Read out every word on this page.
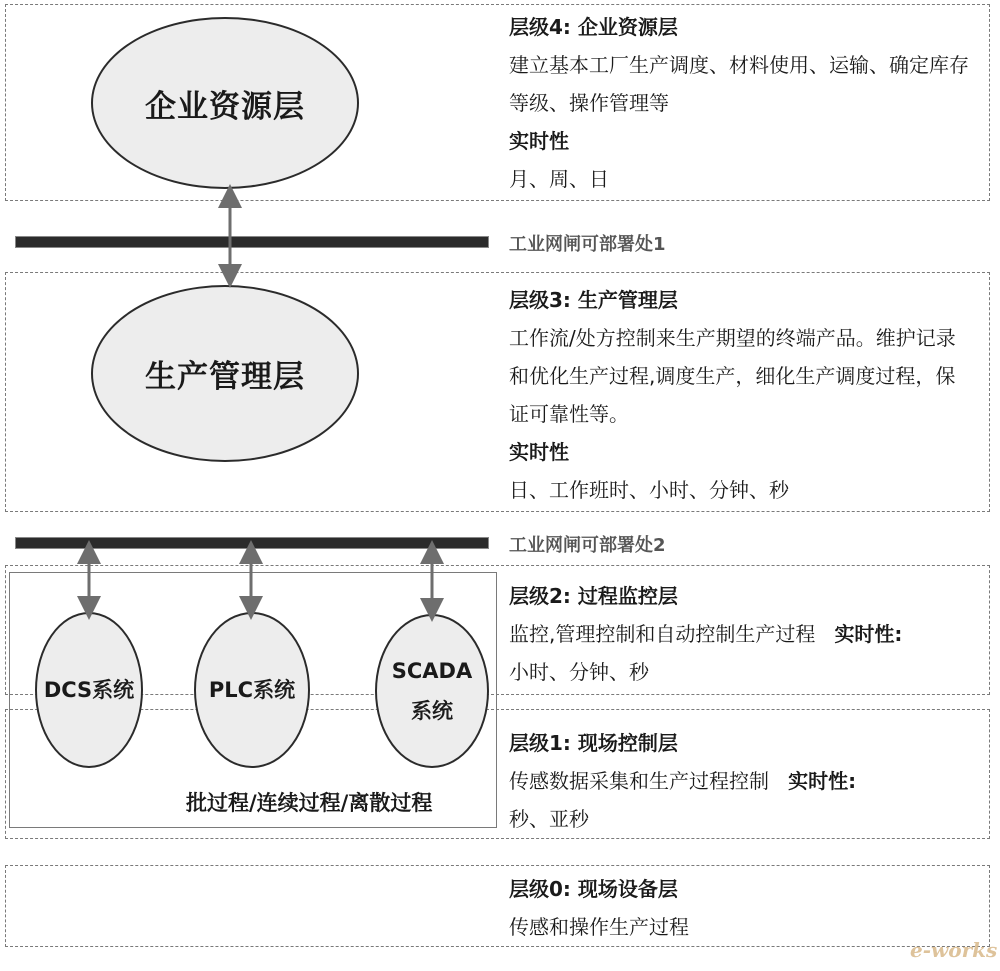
企业资源层
层级4: 企业资源层
建立基本工厂生产调度、材料使用、运输、确定库存等级、操作管理等
实时性
月、周、日
工业网闸可部署处1
生产管理层
层级3: 生产管理层
工作流/处方控制来生产期望的终端产品。维护记录和优化生产过程,调度生产，细化生产调度过程，保证可靠性等。
实时性
日、工作班时、小时、分钟、秒
工业网闸可部署处2
DCS系统	PLC系统
SCADA
系统
批过程/连续过程/离散过程
层级2: 过程监控层
监控,管理控制和自动控制生产过程 实时性:
小时、分钟、秒
层级1: 现场控制层
传感数据采集和生产过程控制 实时性:
秒、亚秒
层级0: 现场设备层
传感和操作生产过程
e-works
